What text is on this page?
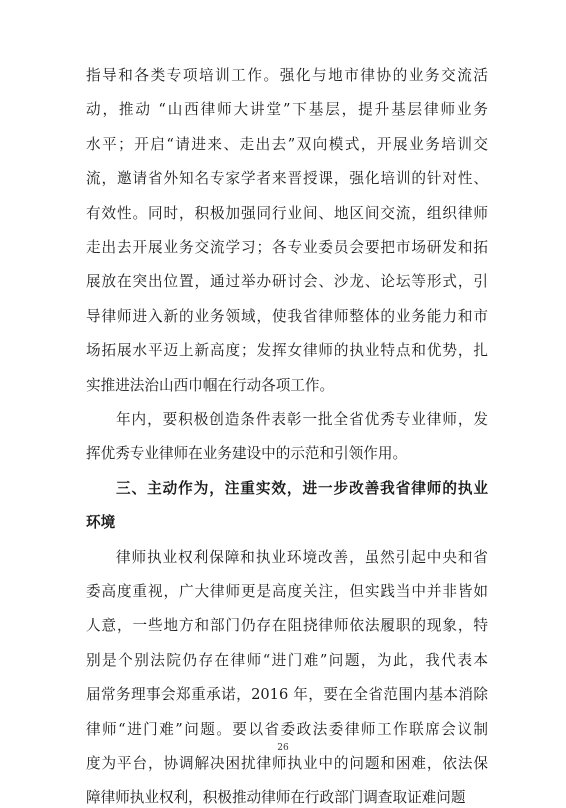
指导和各类专项培训工作。强化与地市律协的业务交流活
动，推动 “山西律师大讲堂”下基层，提升基层律师业务
水平；开启“请进来、走出去”双向模式，开展业务培训交
流，邀请省外知名专家学者来晋授课，强化培训的针对性、
有效性。同时，积极加强同行业间、地区间交流，组织律师
走出去开展业务交流学习；各专业委员会要把市场研发和拓
展放在突出位置，通过举办研讨会、沙龙、论坛等形式，引
导律师进入新的业务领域，使我省律师整体的业务能力和市
场拓展水平迈上新高度；发挥女律师的执业特点和优势，扎
实推进法治山西巾帼在行动各项工作。
年内，要积极创造条件表彰一批全省优秀专业律师，发
挥优秀专业律师在业务建设中的示范和引领作用。
三、主动作为，注重实效，进一步改善我省律师的执业
环境
律师执业权利保障和执业环境改善，虽然引起中央和省
委高度重视，广大律师更是高度关注，但实践当中并非皆如
人意，一些地方和部门仍存在阻挠律师依法履职的现象，特
别是个别法院仍存在律师“进门难”问题，为此，我代表本
届常务理事会郑重承诺，2016 年，要在全省范围内基本消除
律师“进门难”问题。要以省委政法委律师工作联席会议制
度为平台，协调解决困扰律师执业中的问题和困难，依法保
障律师执业权利，积极推动律师在行政部门调查取证难问题
26
